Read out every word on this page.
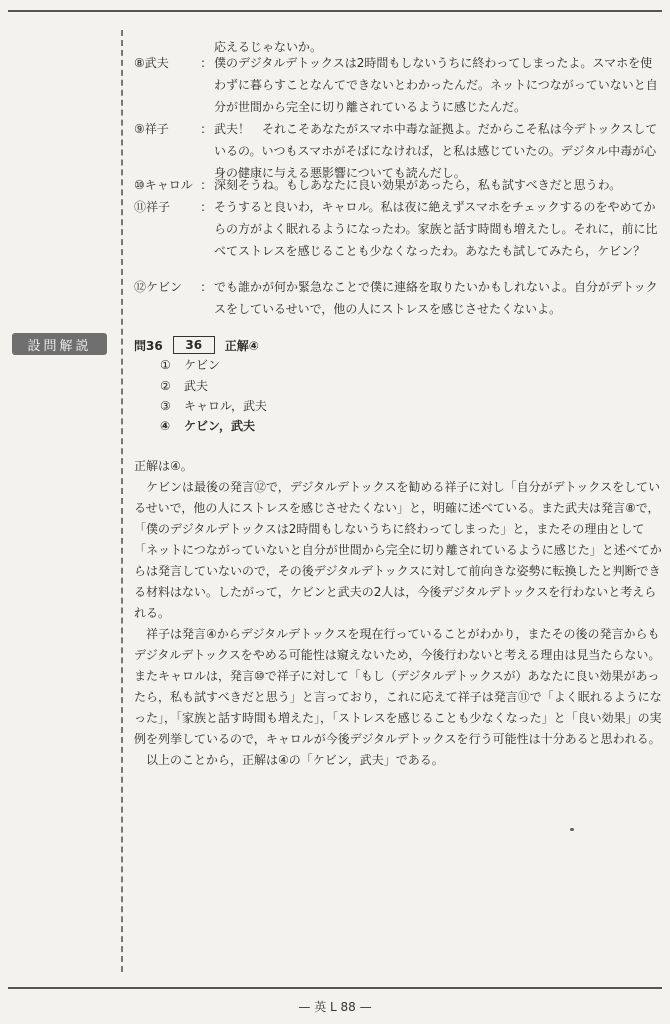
応えるじゃないか。
⑧武夫	: 僕のデジタルデトックスは2時間もしないうちに終わってしまったよ。スマホを使わずに暮らすことなんてできないとわかったんだ。ネットにつながっていないと自分が世間から完全に切り離されているように感じたんだ。
⑨祥子	: 武夫！　それこそあなたがスマホ中毒な証拠よ。だからこそ私は今デトックスしているの。いつもスマホがそばになければ，と私は感じていたの。デジタル中毒が心身の健康に与える悪影響についても読んだし。
⑩キャロル : 深刻そうね。もしあなたに良い効果があったら，私も試すべきだと思うわ。
⑪祥子	: そうすると良いわ，キャロル。私は夜に絶えずスマホをチェックするのをやめてからの方がよく眠れるようになったわ。家族と話す時間も増えたし。それに，前に比べてストレスを感じることも少なくなったわ。あなたも試してみたら，ケビン？
⑫ケビン	: でも誰かが何か緊急なことで僕に連絡を取りたいかもしれないよ。自分がデトックスをしているせいで，他の人にストレスを感じさせたくないよ。
設問解説	問36	36	正解④
① ケビン
② 武夫
③ キャロル，武夫
④ ケビン，武夫

正解は④。

ケビンは最後の発言⑫で，デジタルデトックスを勧める祥子に対し「自分がデトックスをしているせいで，他の人にストレスを感じさせたくない」と，明確に述べている。また武夫は発言⑧で，「僕のデジタルデトックスは2時間もしないうちに終わってしまった」と，またその理由として「ネットにつながっていないと自分が世間から完全に切り離されているように感じた」と述べてからは発言していないので，その後デジタルデトックスに対して前向きな姿勢に転換したと判断できる材料はない。したがって，ケビンと武夫の2人は，今後デジタルデトックスを行わないと考えられる。

祥子は発言④からデジタルデトックスを現在行っていることがわかり，またその後の発言からもデジタルデトックスをやめる可能性は窺えないため，今後行わないと考える理由は見当たらない。またキャロルは，発言⑩で祥子に対して「もし（デジタルデトックスが）あなたに良い効果があったら，私も試すべきだと思う」と言っており，これに応えて祥子は発言⑪で「よく眠れるようになった」，「家族と話す時間も増えた」，「ストレスを感じることも少なくなった」と「良い効果」の実例を列挙しているので，キャロルが今後デジタルデトックスを行う可能性は十分あると思われる。

以上のことから，正解は④の「ケビン，武夫」である。

— 英 L 88 —
